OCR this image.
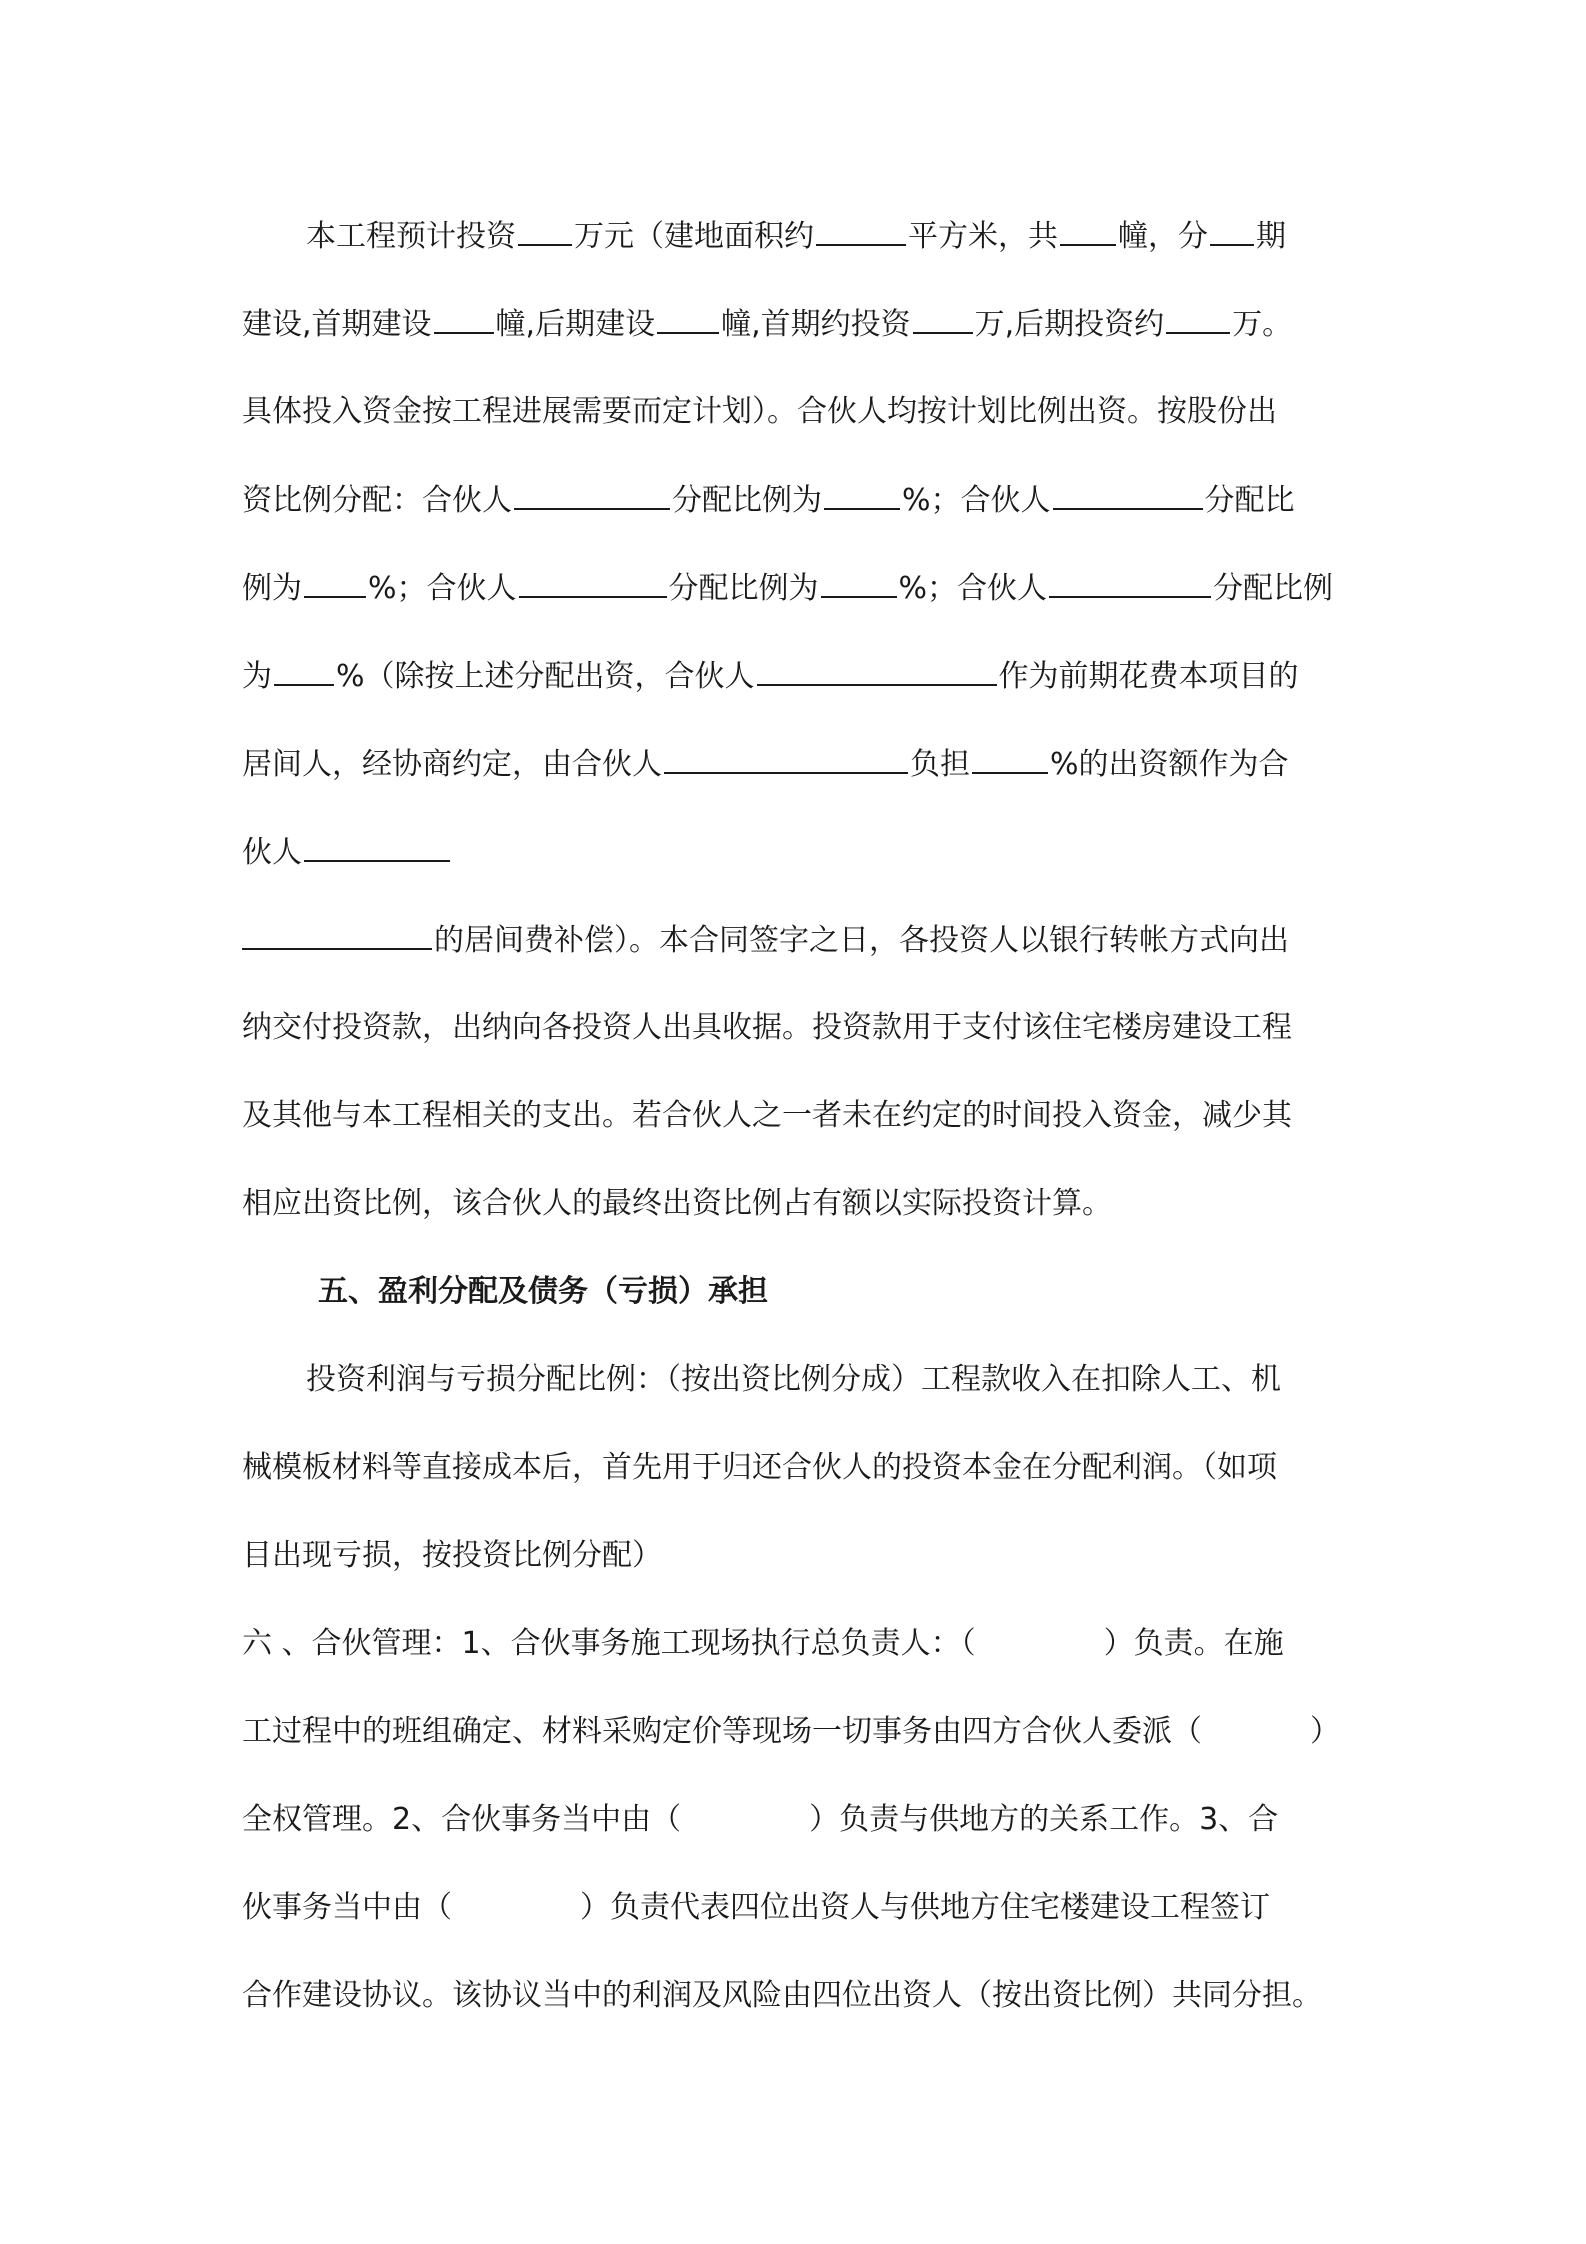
本工程预计投资 万元（建地面积约	平方米，共 幢，分 期

建设,首期建设 幢,后期建设 幢,首期约投资 万,后期投资约 万。

具体投入资金按工程进展需要而定计划）。合伙人均按计划比例出资。按股份出

资比例分配：合伙人	分配比例为	%；合伙人	分配比

例为 %；合伙人	分配比例为	%；合伙人	分配比例

为 %（除按上述分配出资，合伙人	作为前期花费本项目的

居间人，经协商约定，由合伙人	负担	%的出资额作为合

伙人

的居间费补偿）。本合同签字之日，各投资人以银行转帐方式向出

纳交付投资款，出纳向各投资人出具收据。投资款用于支付该住宅楼房建设工程

及其他与本工程相关的支出。若合伙人之一者未在约定的时间投入资金，减少其

相应出资比例，该合伙人的最终出资比例占有额以实际投资计算。

五、盈利分配及债务（亏损）承担

投资利润与亏损分配比例：（按出资比例分成）工程款收入在扣除人工、机

械模板材料等直接成本后，首先用于归还合伙人的投资本金在分配利润。（如项

目出现亏损，按投资比例分配）

六 、合伙管理：1、合伙事务施工现场执行总负责人：（	）负责。在施

工过程中的班组确定、材料采购定价等现场一切事务由四方合伙人委派（	）

全权管理。2、合伙事务当中由（	）负责与供地方的关系工作。3、合

伙事务当中由（	）负责代表四位出资人与供地方住宅楼建设工程签订

合作建设协议。该协议当中的利润及风险由四位出资人（按出资比例）共同分担。
